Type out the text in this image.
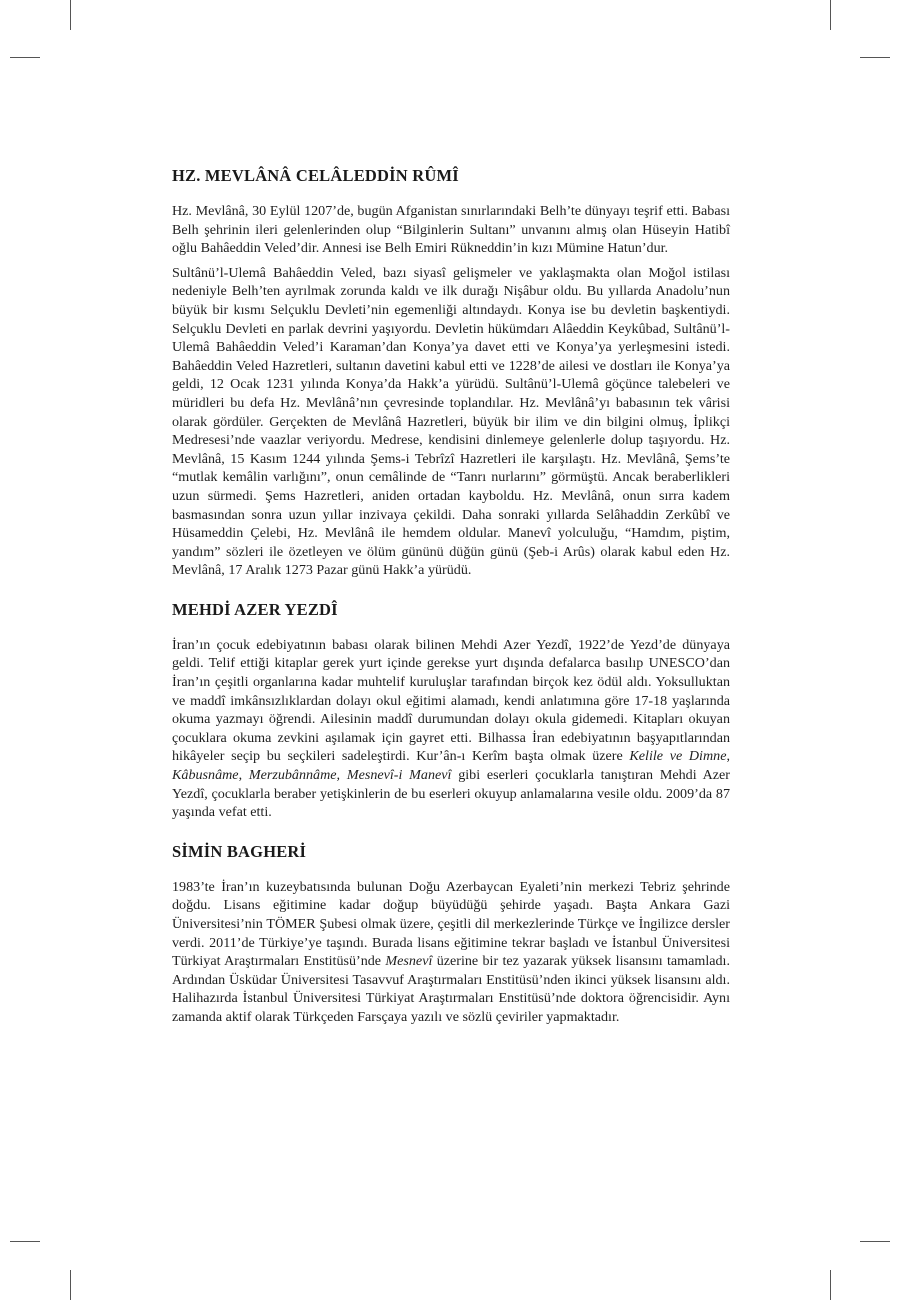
HZ. MEVLÂNÂ CELÂLEDDİN RÛMÎ

Hz. Mevlânâ, 30 Eylül 1207’de, bugün Afganistan sınırlarındaki Belh’te dünyayı teşrif etti. Babası Belh şehrinin ileri gelenlerinden olup “Bilginlerin Sultanı” unvanını almış olan Hüseyin Hatibî oğlu Bahâeddin Veled’dir. Annesi ise Belh Emiri Rükneddin’in kızı Mümine Hatun’dur.

Sultânü’l-Ulemâ Bahâeddin Veled, bazı siyasî gelişmeler ve yaklaşmakta olan Moğol istilası nedeniyle Belh’ten ayrılmak zorunda kaldı ve ilk durağı Nişâbur oldu. Bu yıllarda Anadolu’nun büyük bir kısmı Selçuklu Devleti’nin egemenliği altındaydı. Konya ise bu devletin başkentiydi. Selçuklu Devleti en parlak devrini yaşıyordu. Devletin hükümdarı Alâeddin Keykûbad, Sultânü’l-Ulemâ Bahâeddin Veled’i Karaman’dan Konya’ya davet etti ve Konya’ya yerleşmesini istedi. Bahâeddin Veled Hazretleri, sultanın davetini kabul etti ve 1228’de ailesi ve dostları ile Konya’ya geldi, 12 Ocak 1231 yılında Konya’da Hakk’a yürüdü. Sultânü’l-Ulemâ göçünce talebeleri ve müridleri bu defa Hz. Mevlânâ’nın çevresinde toplandılar. Hz. Mevlânâ’yı babasının tek vârisi olarak gördüler. Gerçekten de Mevlânâ Hazretleri, büyük bir ilim ve din bilgini olmuş, İplikçi Medresesi’nde vaazlar veriyordu. Medrese, kendisini dinlemeye gelenlerle dolup taşıyordu. Hz. Mevlânâ, 15 Kasım 1244 yılında Şems-i Tebrîzî Hazretleri ile karşılaştı. Hz. Mevlânâ, Şems’te “mutlak kemâlin varlığını”, onun cemâlinde de “Tanrı nurlarını” görmüştü. Ancak beraberlikleri uzun sürmedi. Şems Hazretleri, aniden ortadan kayboldu. Hz. Mevlânâ, onun sırra kadem basmasından sonra uzun yıllar inzivaya çekildi. Daha sonraki yıllarda Selâhaddin Zerkûbî ve Hüsameddin Çelebi, Hz. Mevlânâ ile hemdem oldular. Manevî yolculuğu, “Hamdım, piştim, yandım” sözleri ile özetleyen ve ölüm gününü düğün günü (Şeb-i Arûs) olarak kabul eden Hz. Mevlânâ, 17 Aralık 1273 Pazar günü Hakk’a yürüdü.

MEHDİ AZER YEZDÎ

İran’ın çocuk edebiyatının babası olarak bilinen Mehdi Azer Yezdî, 1922’de Yezd’de dünyaya geldi. Telif ettiği kitaplar gerek yurt içinde gerekse yurt dışında defalarca basılıp UNESCO’dan İran’ın çeşitli organlarına kadar muhtelif kuruluşlar tarafından birçok kez ödül aldı. Yoksulluktan ve maddî imkânsızlıklardan dolayı okul eğitimi alamadı, kendi anlatımına göre 17-18 yaşlarında okuma yazmayı öğrendi. Ailesinin maddî durumundan dolayı okula gidemedi. Kitapları okuyan çocuklara okuma zevkini aşılamak için gayret etti. Bilhassa İran edebiyatının başyapıtlarından hikâyeler seçip bu seçkileri sadeleştirdi. Kur’ân-ı Kerîm başta olmak üzere Kelile ve Dimne, Kâbusnâme, Merzubânnâme, Mesnevî-i Manevî gibi eserleri çocuklarla tanıştıran Mehdi Azer Yezdî, çocuklarla beraber yetişkinlerin de bu eserleri okuyup anlamalarına vesile oldu. 2009’da 87 yaşında vefat etti.

SİMİN BAGHERİ

1983’te İran’ın kuzeybatısında bulunan Doğu Azerbaycan Eyaleti’nin merkezi Tebriz şehrinde doğdu. Lisans eğitimine kadar doğup büyüdüğü şehirde yaşadı. Başta Ankara Gazi Üniversitesi’nin TÖMER Şubesi olmak üzere, çeşitli dil merkezlerinde Türkçe ve İngilizce dersler verdi. 2011’de Türkiye’ye taşındı. Burada lisans eğitimine tekrar başladı ve İstanbul Üniversitesi Türkiyat Araştırmaları Enstitüsü’nde Mesnevî üzerine bir tez yazarak yüksek lisansını tamamladı. Ardından Üsküdar Üniversitesi Tasavvuf Araştırmaları Enstitüsü’nden ikinci yüksek lisansını aldı. Halihazırda İstanbul Üniversitesi Türkiyat Araştırmaları Enstitüsü’nde doktora öğrencisidir. Aynı zamanda aktif olarak Türkçeden Farsçaya yazılı ve sözlü çeviriler yapmaktadır.
